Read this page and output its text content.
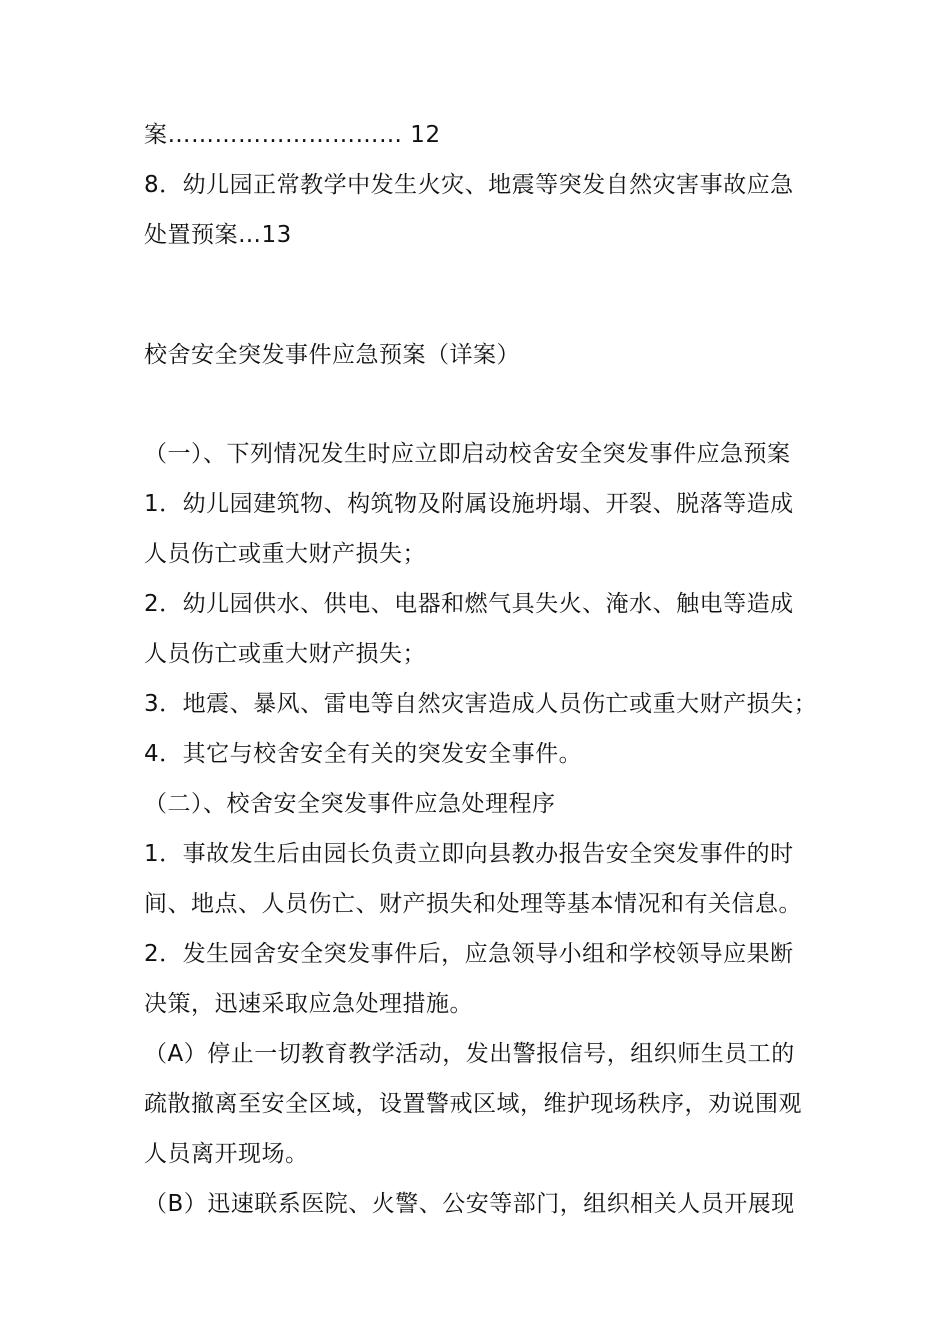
案………………………… 12
8．幼儿园正常教学中发生火灾、地震等突发自然灾害事故应急
处置预案…13
校舍安全突发事件应急预案（详案）
（一）、下列情况发生时应立即启动校舍安全突发事件应急预案
1．幼儿园建筑物、构筑物及附属设施坍塌、开裂、脱落等造成
人员伤亡或重大财产损失；
2．幼儿园供水、供电、电器和燃气具失火、淹水、触电等造成
人员伤亡或重大财产损失；
3．地震、暴风、雷电等自然灾害造成人员伤亡或重大财产损失；
4．其它与校舍安全有关的突发安全事件。
（二）、校舍安全突发事件应急处理程序
1．事故发生后由园长负责立即向县教办报告安全突发事件的时
间、地点、人员伤亡、财产损失和处理等基本情况和有关信息。
2．发生园舍安全突发事件后，应急领导小组和学校领导应果断
决策，迅速采取应急处理措施。
（A）停止一切教育教学活动，发出警报信号，组织师生员工的
疏散撤离至安全区域，设置警戒区域，维护现场秩序，劝说围观
人员离开现场。
（B）迅速联系医院、火警、公安等部门，组织相关人员开展现
